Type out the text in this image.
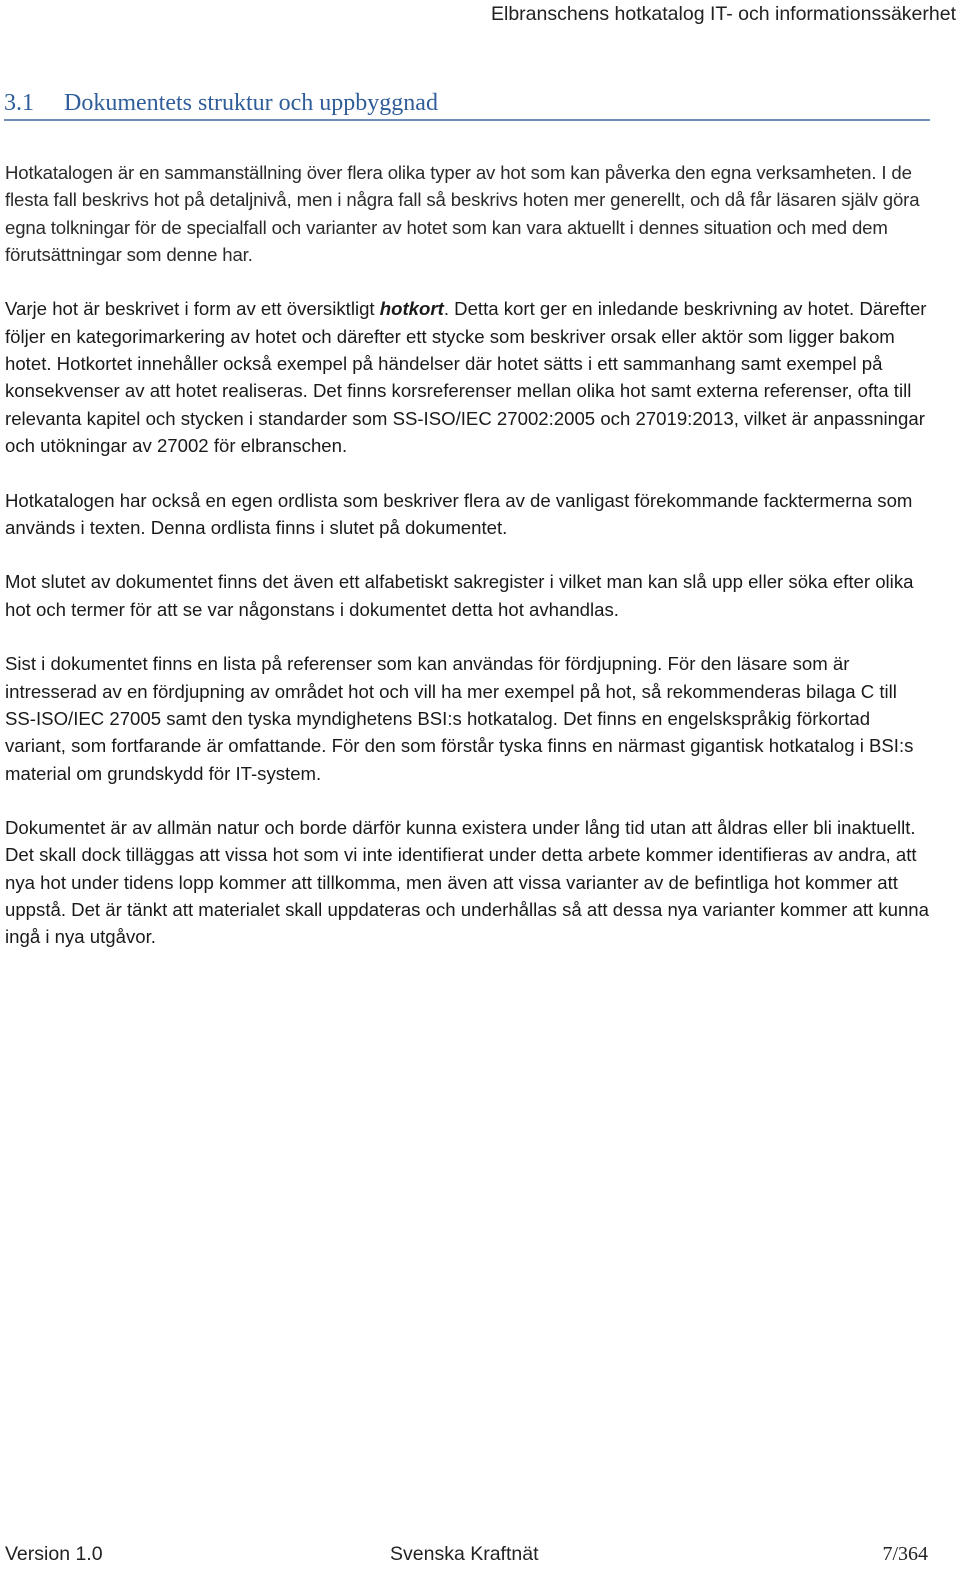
Elbranschens hotkatalog IT- och informationssäkerhet
3.1 Dokumentets struktur och uppbyggnad

Hotkatalogen är en sammanställning över flera olika typer av hot som kan påverka den egna verksamheten. I de flesta fall beskrivs hot på detaljnivå, men i några fall så beskrivs hoten mer generellt, och då får läsaren själv göra egna tolkningar för de specialfall och varianter av hotet som kan vara aktuellt i dennes situation och med dem förutsättningar som denne har.

Varje hot är beskrivet i form av ett översiktligt hotkort. Detta kort ger en inledande beskrivning av hotet. Därefter följer en kategorimarkering av hotet och därefter ett stycke som beskriver orsak eller aktör som ligger bakom hotet. Hotkortet innehåller också exempel på händelser där hotet sätts i ett sammanhang samt exempel på konsekvenser av att hotet realiseras. Det finns korsreferenser mellan olika hot samt externa referenser, ofta till relevanta kapitel och stycken i standarder som SS-ISO/IEC 27002:2005 och 27019:2013, vilket är anpassningar och utökningar av 27002 för elbranschen.

Hotkatalogen har också en egen ordlista som beskriver flera av de vanligast förekommande facktermerna som används i texten. Denna ordlista finns i slutet på dokumentet.

Mot slutet av dokumentet finns det även ett alfabetiskt sakregister i vilket man kan slå upp eller söka efter olika hot och termer för att se var någonstans i dokumentet detta hot avhandlas.

Sist i dokumentet finns en lista på referenser som kan användas för fördjupning. För den läsare som är intresserad av en fördjupning av området hot och vill ha mer exempel på hot, så rekommenderas bilaga C till SS-ISO/IEC 27005 samt den tyska myndighetens BSI:s hotkatalog. Det finns en engelskspråkig förkortad variant, som fortfarande är omfattande. För den som förstår tyska finns en närmast gigantisk hotkatalog i BSI:s material om grundskydd för IT-system.

Dokumentet är av allmän natur och borde därför kunna existera under lång tid utan att åldras eller bli inaktuellt. Det skall dock tilläggas att vissa hot som vi inte identifierat under detta arbete kommer identifieras av andra, att nya hot under tidens lopp kommer att tillkomma, men även att vissa varianter av de befintliga hot kommer att uppstå. Det är tänkt att materialet skall uppdateras och underhållas så att dessa nya varianter kommer att kunna ingå i nya utgåvor.

Version 1.0	Svenska Kraftnät	7/364
